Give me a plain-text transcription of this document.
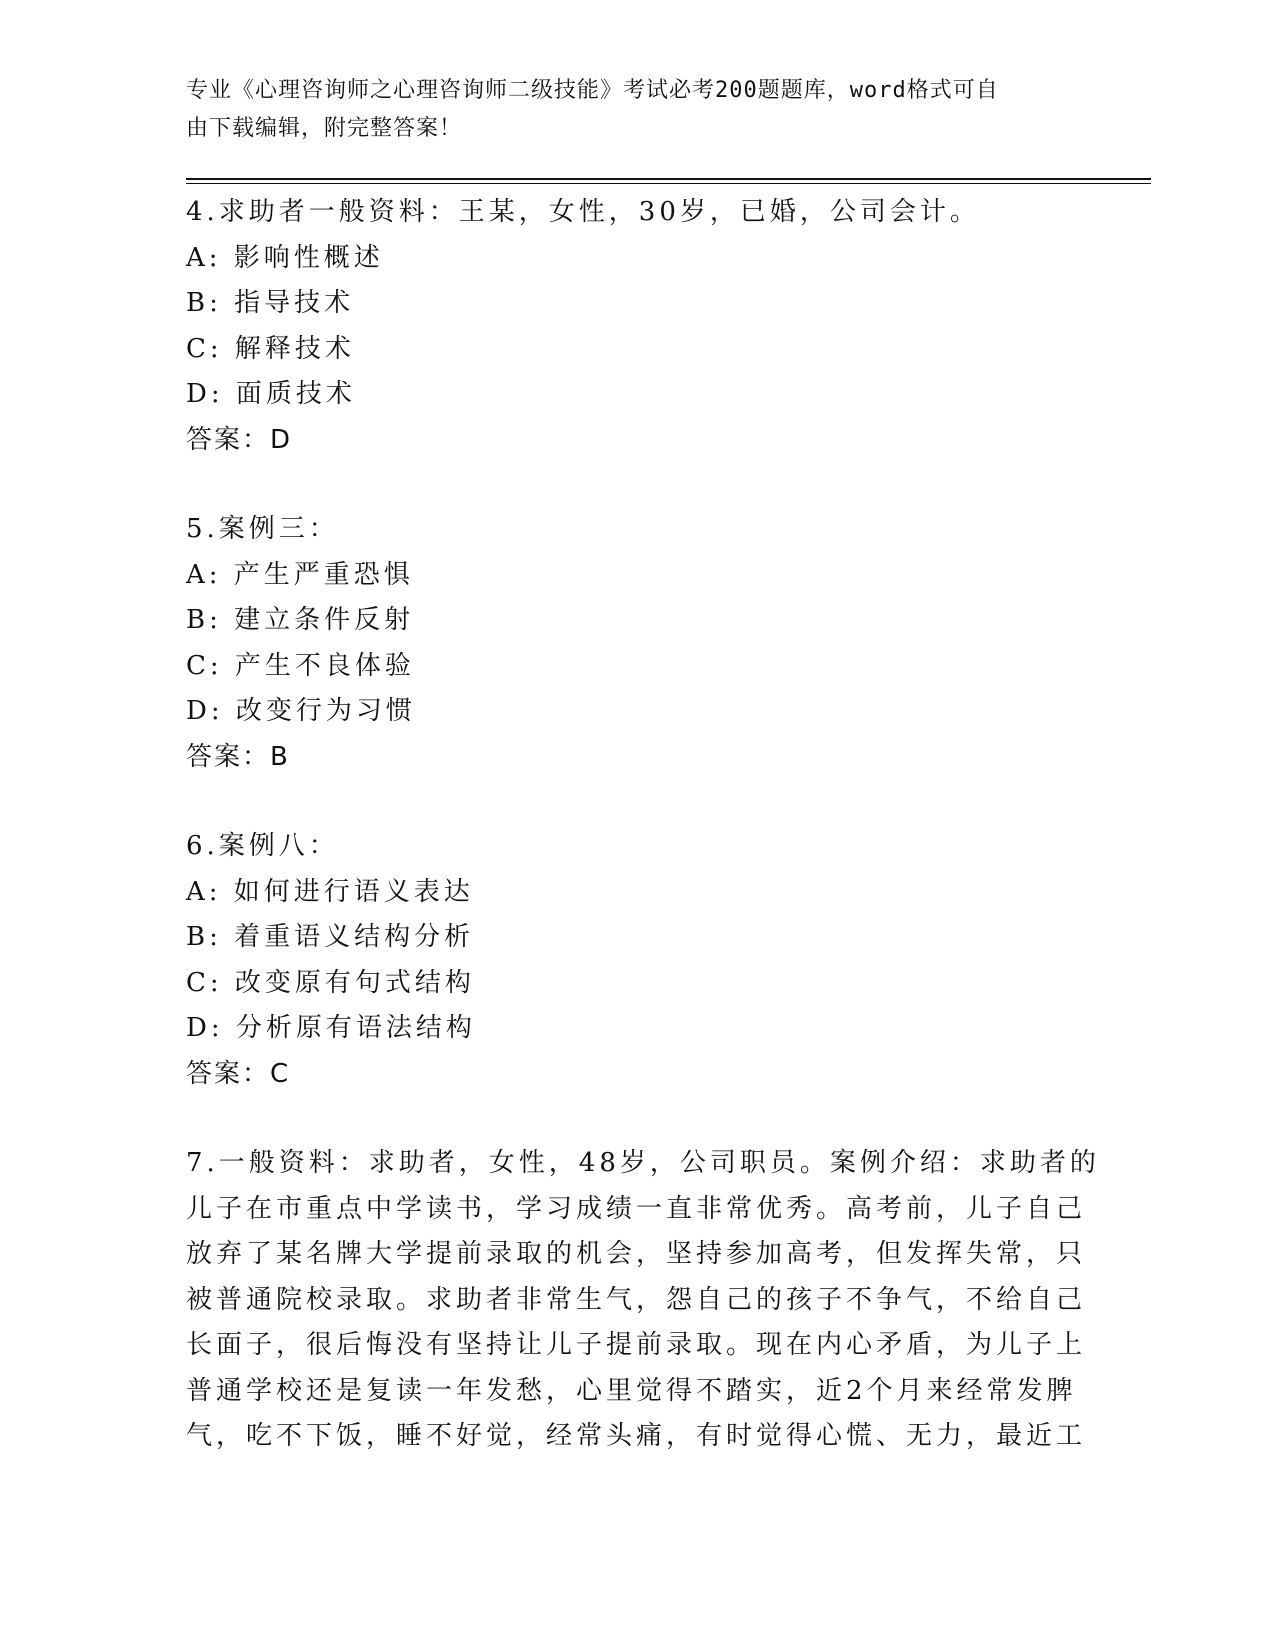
专业《心理咨询师之心理咨询师二级技能》考试必考200题题库，word格式可自
由下载编辑，附完整答案！
4.求助者一般资料：王某，女性，30岁，已婚，公司会计。
A: 影响性概述
B: 指导技术
C: 解释技术
D: 面质技术
答案：D
5.案例三：
A: 产生严重恐惧
B: 建立条件反射
C: 产生不良体验
D: 改变行为习惯
答案：B
6.案例八：
A: 如何进行语义表达
B: 着重语义结构分析
C: 改变原有句式结构
D: 分析原有语法结构
答案：C
7.一般资料：求助者，女性，48岁，公司职员。案例介绍：求助者的
儿子在市重点中学读书，学习成绩一直非常优秀。高考前，儿子自己
放弃了某名牌大学提前录取的机会，坚持参加高考，但发挥失常，只
被普通院校录取。求助者非常生气，怨自己的孩子不争气，不给自己
长面子，很后悔没有坚持让儿子提前录取。现在内心矛盾，为儿子上
普通学校还是复读一年发愁，心里觉得不踏实，近2个月来经常发脾
气，吃不下饭，睡不好觉，经常头痛，有时觉得心慌、无力，最近工
